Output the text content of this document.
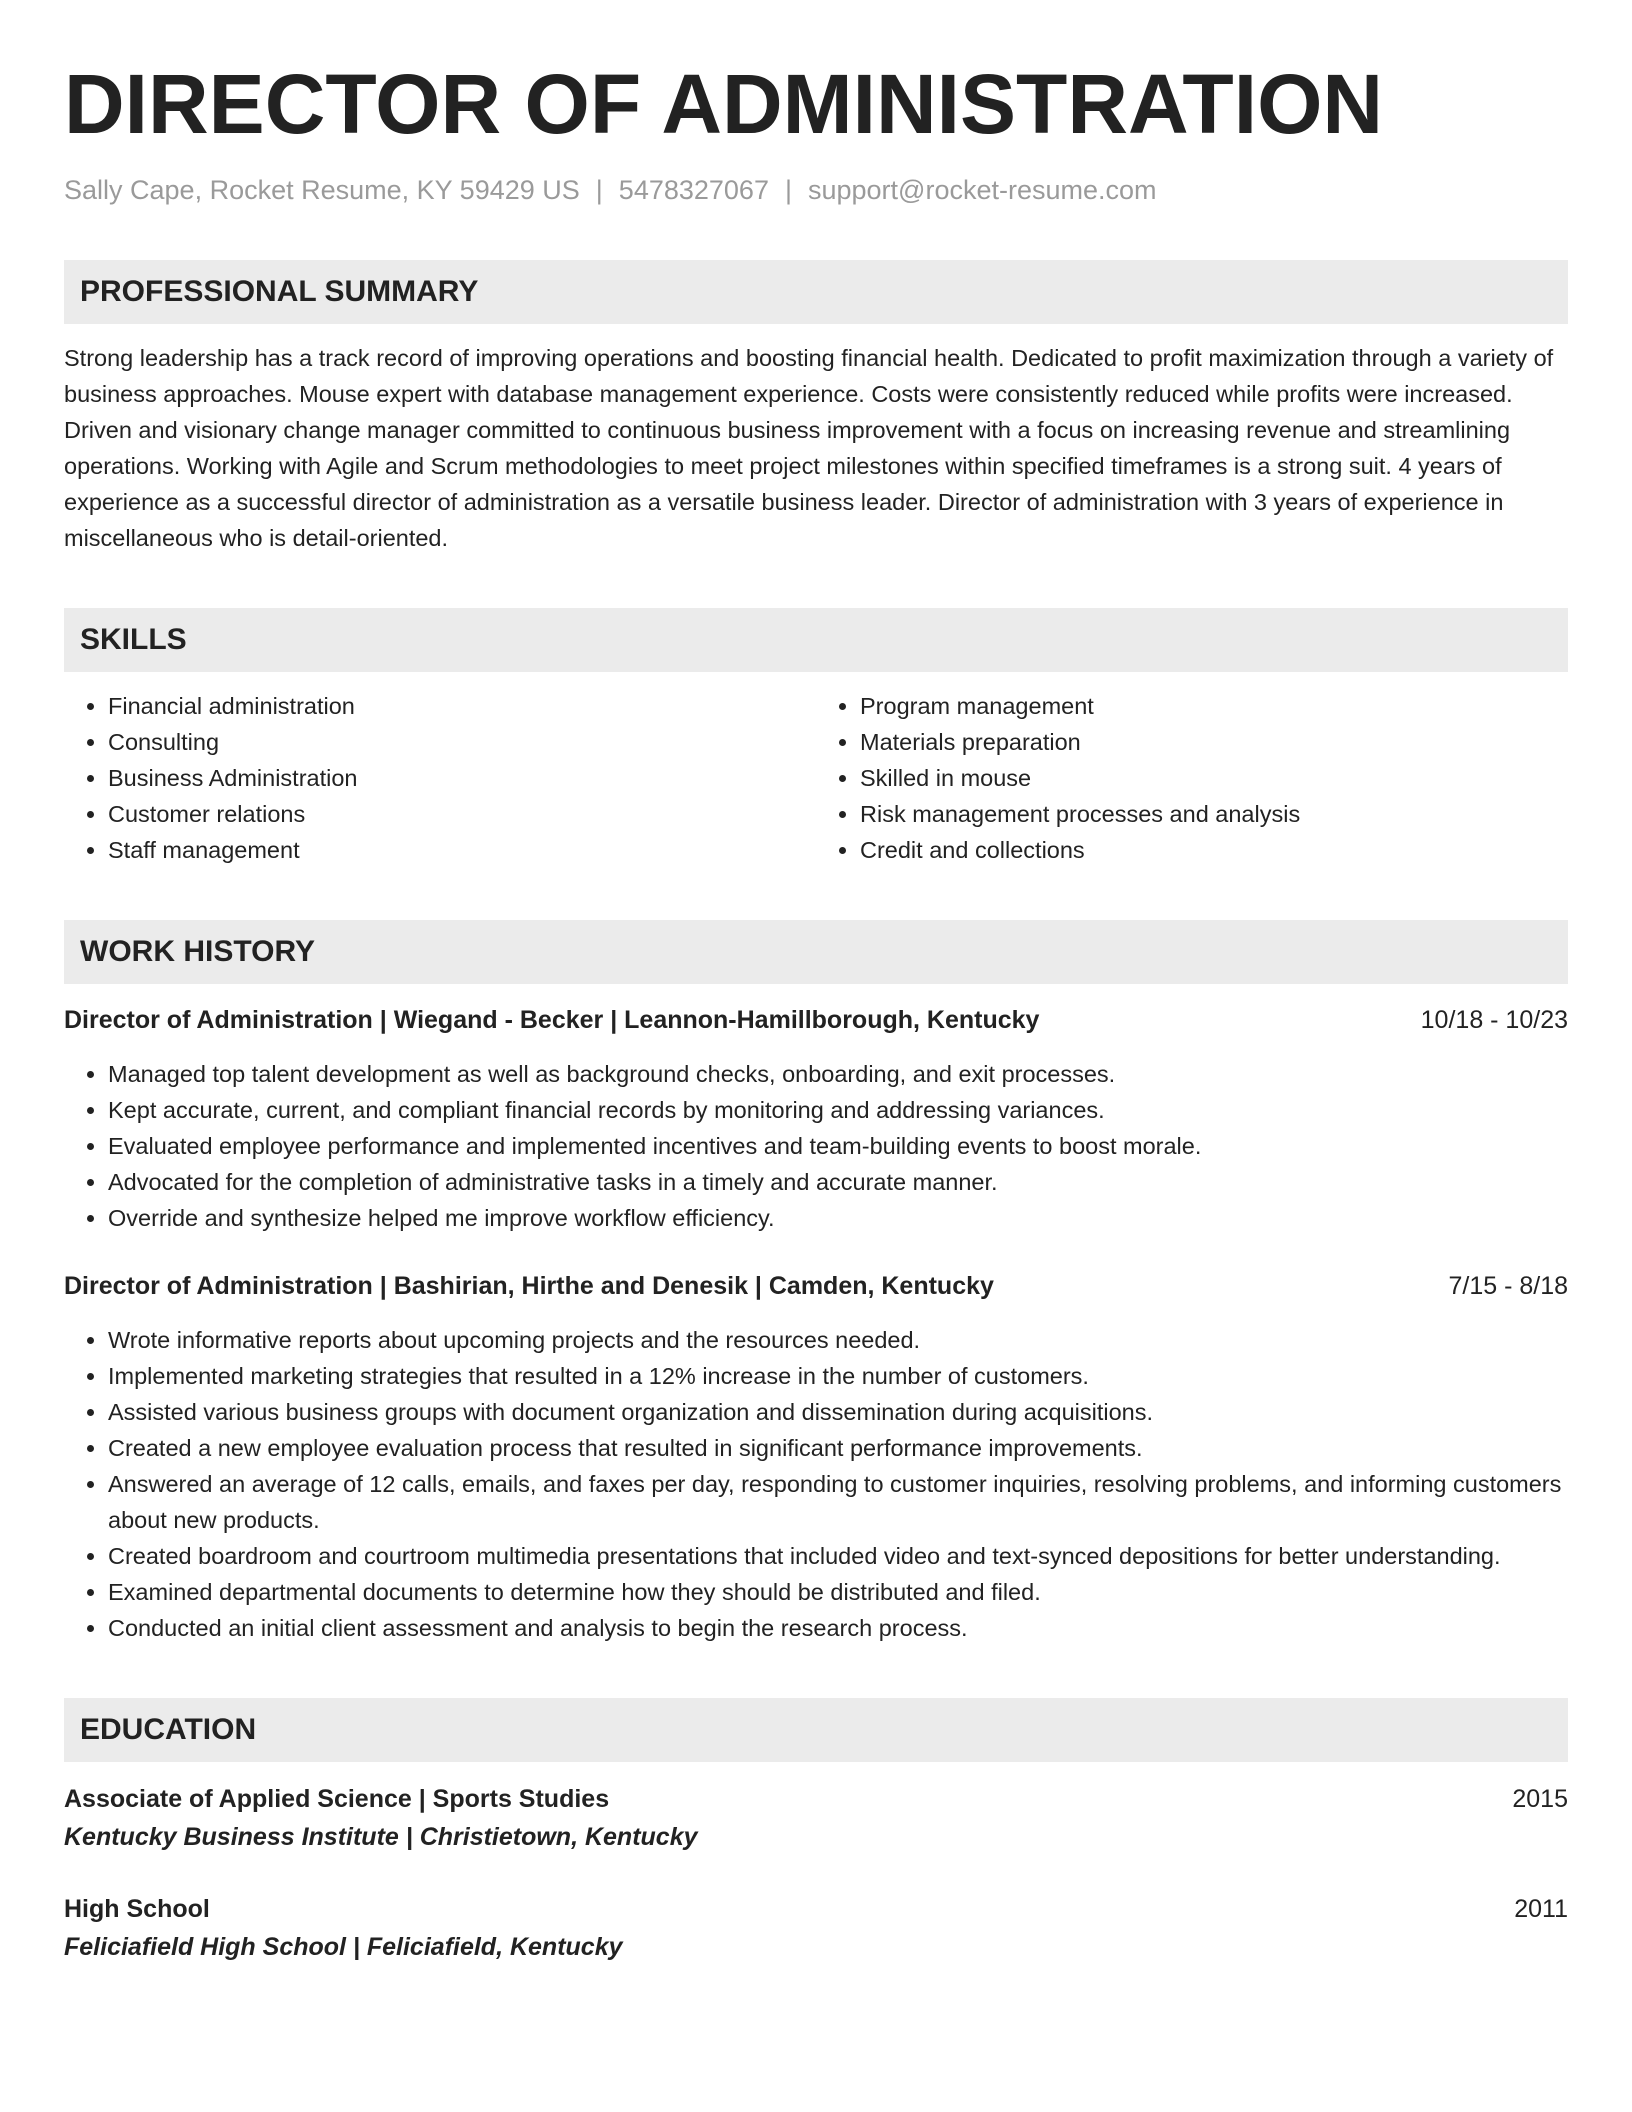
DIRECTOR OF ADMINISTRATION
Sally Cape, Rocket Resume, KY 59429 US | 5478327067 | support@rocket-resume.com
PROFESSIONAL SUMMARY
Strong leadership has a track record of improving operations and boosting financial health. Dedicated to profit maximization through a variety of business approaches. Mouse expert with database management experience. Costs were consistently reduced while profits were increased. Driven and visionary change manager committed to continuous business improvement with a focus on increasing revenue and streamlining operations. Working with Agile and Scrum methodologies to meet project milestones within specified timeframes is a strong suit. 4 years of experience as a successful director of administration as a versatile business leader. Director of administration with 3 years of experience in miscellaneous who is detail-oriented.
SKILLS
• Financial administration
• Consulting
• Business Administration
• Customer relations
• Staff management
• Program management
• Materials preparation
• Skilled in mouse
• Risk management processes and analysis
• Credit and collections
WORK HISTORY
Director of Administration | Wiegand - Becker | Leannon-Hamillborough, Kentucky	10/18 - 10/23
• Managed top talent development as well as background checks, onboarding, and exit processes.
• Kept accurate, current, and compliant financial records by monitoring and addressing variances.
• Evaluated employee performance and implemented incentives and team-building events to boost morale.
• Advocated for the completion of administrative tasks in a timely and accurate manner.
• Override and synthesize helped me improve workflow efficiency.
Director of Administration | Bashirian, Hirthe and Denesik | Camden, Kentucky	7/15 - 8/18
• Wrote informative reports about upcoming projects and the resources needed.
• Implemented marketing strategies that resulted in a 12% increase in the number of customers.
• Assisted various business groups with document organization and dissemination during acquisitions.
• Created a new employee evaluation process that resulted in significant performance improvements.
• Answered an average of 12 calls, emails, and faxes per day, responding to customer inquiries, resolving problems, and informing customers about new products.
• Created boardroom and courtroom multimedia presentations that included video and text-synced depositions for better understanding.
• Examined departmental documents to determine how they should be distributed and filed.
• Conducted an initial client assessment and analysis to begin the research process.
EDUCATION
Associate of Applied Science | Sports Studies	2015
Kentucky Business Institute | Christietown, Kentucky
High School	2011
Feliciafield High School | Feliciafield, Kentucky
